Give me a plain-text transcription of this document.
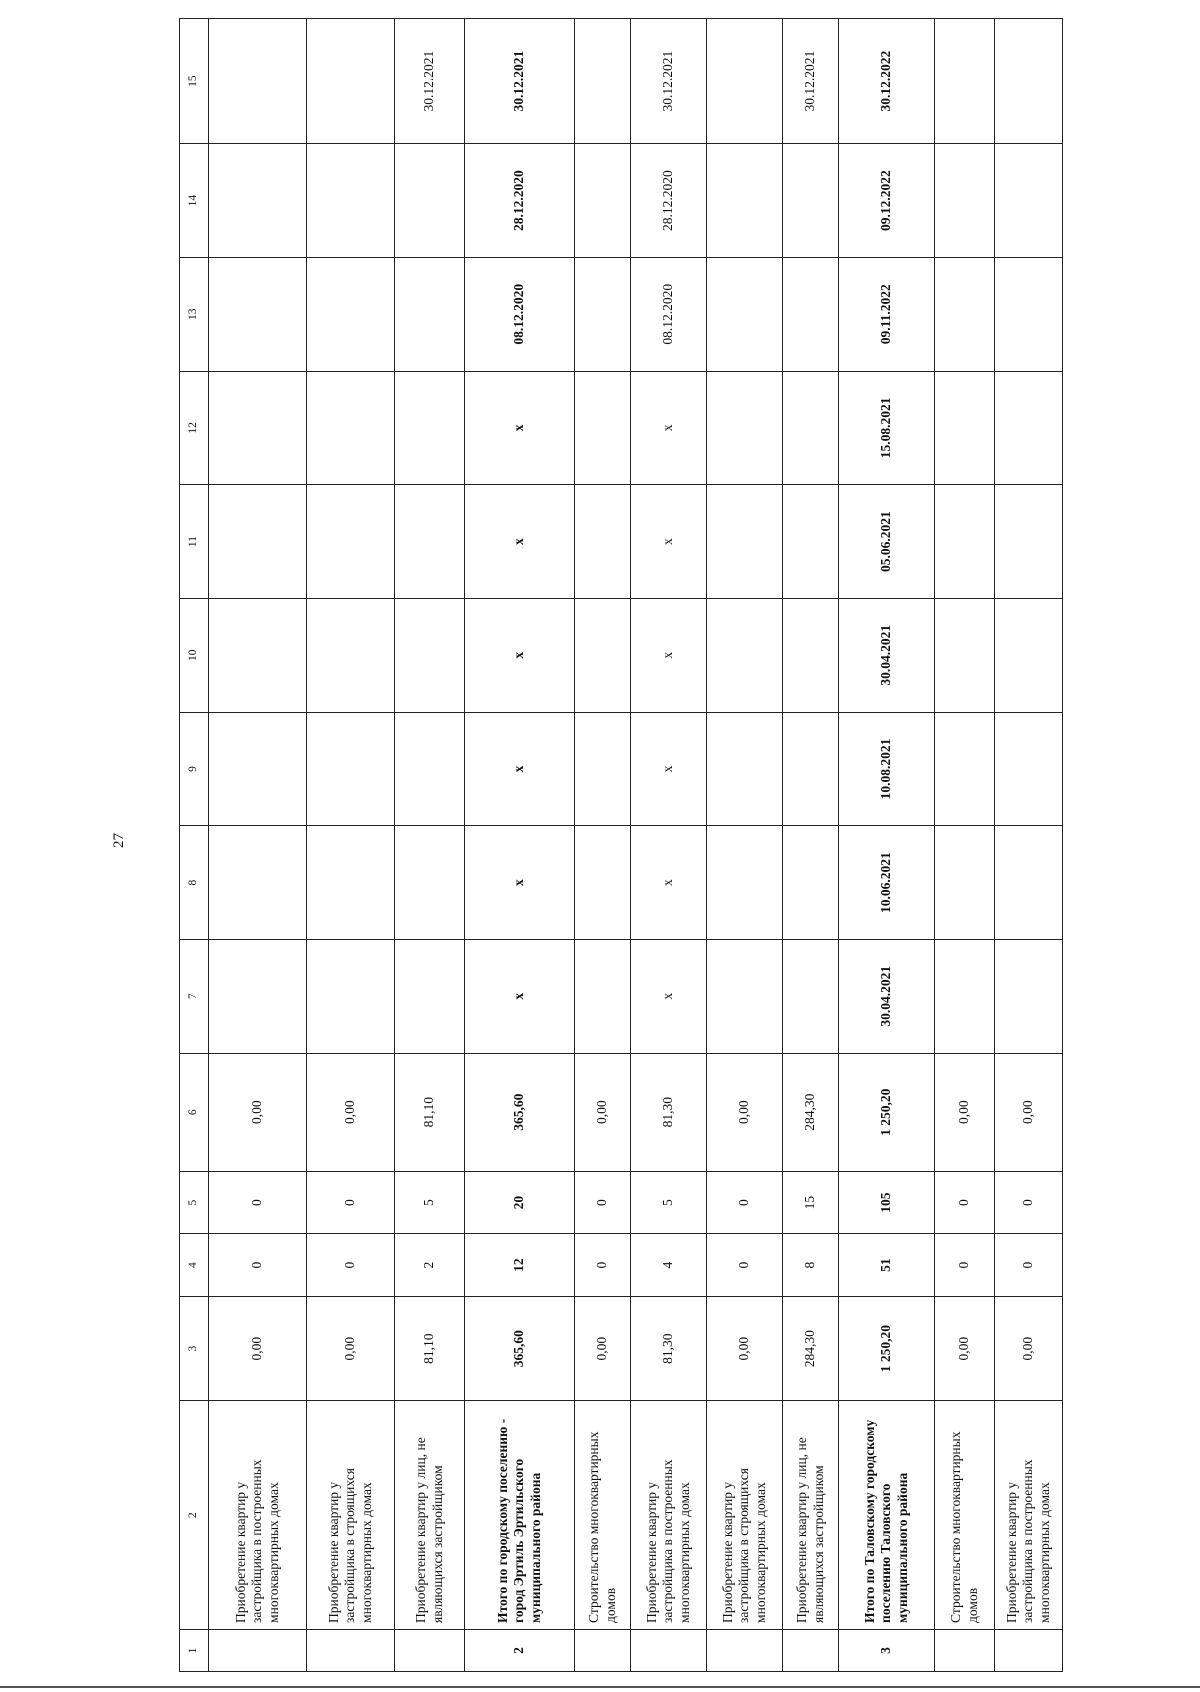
27
1	2	3	4	5	6	7	8	9	10	11	12	13	14	15
	Приобретение квартир у застройщика в построенных многоквартирных домах	0,00	0	0	0,00									
	Приобретение квартир у застройщика в строящихся многоквартирных домах	0,00	0	0	0,00									
	Приобретение квартир у лиц, не являющихся застройщиком	81,10	2	5	81,10									30.12.2021
2	Итого по городскому поселению - город Эртиль Эртильского муниципального района	365,60	12	20	365,60	x	x	x	x	x	x	08.12.2020	28.12.2020	30.12.2021
	Строительство многоквартирных домов	0,00	0	0	0,00									
	Приобретение квартир у застройщика в построенных многоквартирных домах	81,30	4	5	81,30	x	x	x	x	x	x	08.12.2020	28.12.2020	30.12.2021
	Приобретение квартир у застройщика в строящихся многоквартирных домах	0,00	0	0	0,00									
	Приобретение квартир у лиц, не являющихся застройщиком	284,30	8	15	284,30									30.12.2021
3	Итого по Таловскому городскому поселению Таловского муниципального района	1 250,20	51	105	1 250,20	30.04.2021	10.06.2021	10.08.2021	30.04.2021	05.06.2021	15.08.2021	09.11.2022	09.12.2022	30.12.2022
	Строительство многоквартирных домов	0,00	0	0	0,00									
	Приобретение квартир у застройщика в построенных многоквартирных домах	0,00	0	0	0,00									
